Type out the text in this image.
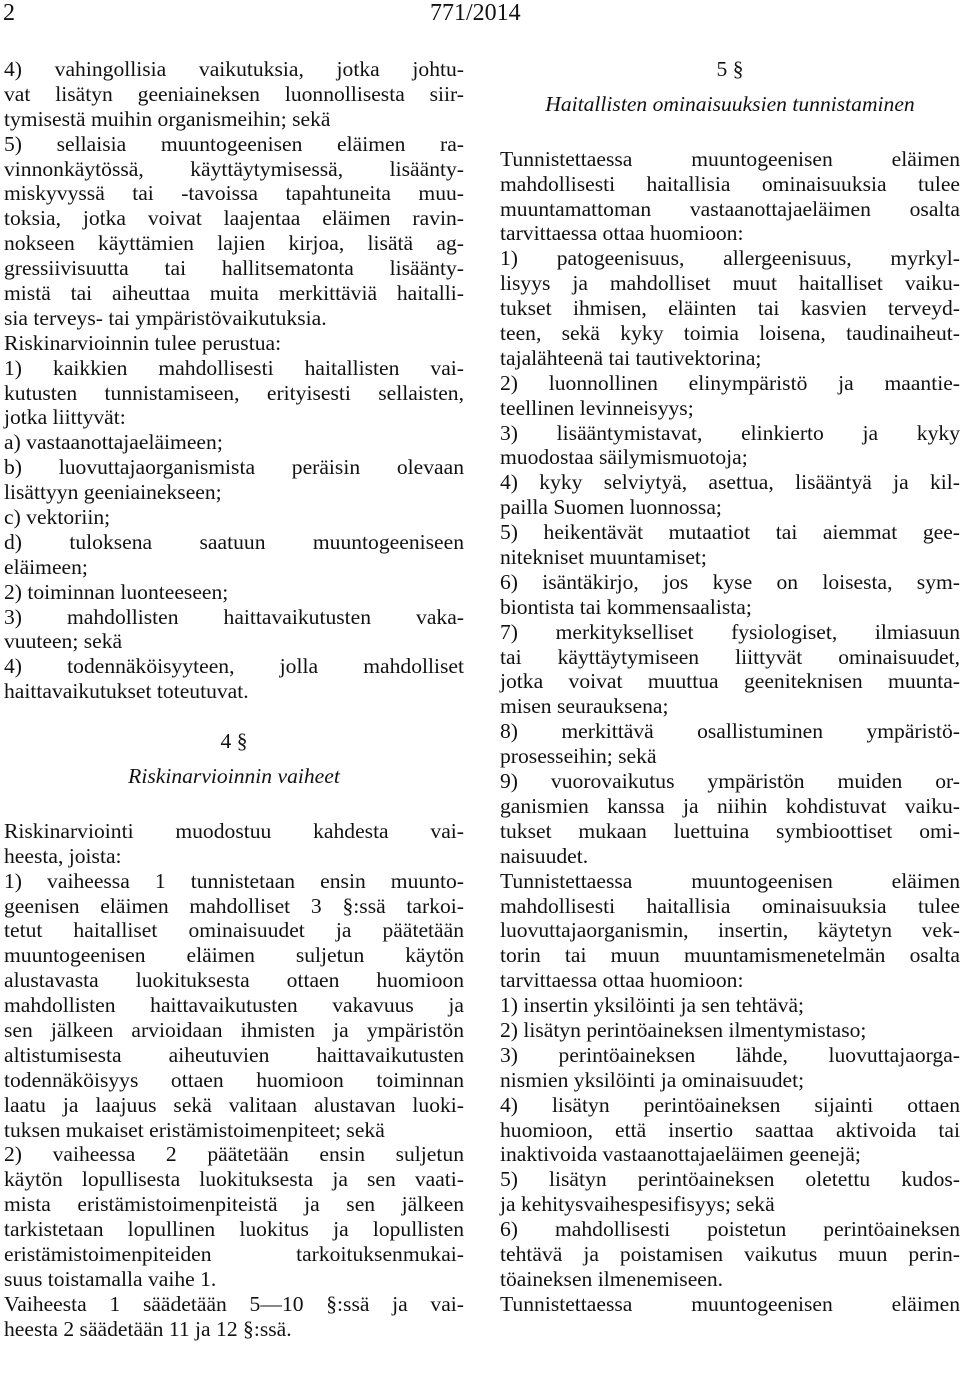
2	771/2014
4) vahingollisia vaikutuksia, jotka johtu-
vat lisätyn geeniaineksen luonnollisesta siir-
tymisestä muihin organismeihin; sekä
5) sellaisia muuntogeenisen eläimen ra-
vinnonkäytössä, käyttäytymisessä, lisäänty-
miskyvyssä tai -tavoissa tapahtuneita muu-
toksia, jotka voivat laajentaa eläimen ravin-
nokseen käyttämien lajien kirjoa, lisätä ag-
gressiivisuutta tai hallitsematonta lisäänty-
mistä tai aiheuttaa muita merkittäviä haitalli-
sia terveys- tai ympäristövaikutuksia.
Riskinarvioinnin tulee perustua:
1) kaikkien mahdollisesti haitallisten vai-
kutusten tunnistamiseen, erityisesti sellaisten,
jotka liittyvät:
a) vastaanottajaeläimeen;
b) luovuttajaorganismista peräisin olevaan
lisättyyn geeniainekseen;
c) vektoriin;
d) tuloksena saatuun muuntogeeniseen
eläimeen;
2) toiminnan luonteeseen;
3) mahdollisten haittavaikutusten vaka-
vuuteen; sekä
4) todennäköisyyteen, jolla mahdolliset
haittavaikutukset toteutuvat.
4 §
Riskinarvioinnin vaiheet
Riskinarviointi muodostuu kahdesta vai-
heesta, joista:
1) vaiheessa 1 tunnistetaan ensin muunto-
geenisen eläimen mahdolliset 3 §:ssä tarkoi-
tetut haitalliset ominaisuudet ja päätetään
muuntogeenisen eläimen suljetun käytön
alustavasta luokituksesta ottaen huomioon
mahdollisten haittavaikutusten vakavuus ja
sen jälkeen arvioidaan ihmisten ja ympäristön
altistumisesta aiheutuvien haittavaikutusten
todennäköisyys ottaen huomioon toiminnan
laatu ja laajuus sekä valitaan alustavan luoki-
tuksen mukaiset eristämistoimenpiteet; sekä
2) vaiheessa 2 päätetään ensin suljetun
käytön lopullisesta luokituksesta ja sen vaati-
mista eristämistoimenpiteistä ja sen jälkeen
tarkistetaan lopullinen luokitus ja lopullisten
eristämistoimenpiteiden tarkoituksenmukai-
suus toistamalla vaihe 1.
Vaiheesta 1 säädetään 5—10 §:ssä ja vai-
heesta 2 säädetään 11 ja 12 §:ssä.
5 §
Haitallisten ominaisuuksien tunnistaminen
Tunnistettaessa muuntogeenisen eläimen
mahdollisesti haitallisia ominaisuuksia tulee
muuntamattoman vastaanottajaeläimen osalta
tarvittaessa ottaa huomioon:
1) patogeenisuus, allergeenisuus, myrkyl-
lisyys ja mahdolliset muut haitalliset vaiku-
tukset ihmisen, eläinten tai kasvien terveyd-
teen, sekä kyky toimia loisena, taudinaiheut-
tajalähteenä tai tautivektorina;
2) luonnollinen elinympäristö ja maantie-
teellinen levinneisyys;
3) lisääntymistavat, elinkierto ja kyky
muodostaa säilymismuotoja;
4) kyky selviytyä, asettua, lisääntyä ja kil-
pailla Suomen luonnossa;
5) heikentävät mutaatiot tai aiemmat gee-
nitekniset muuntamiset;
6) isäntäkirjo, jos kyse on loisesta, sym-
biontista tai kommensaalista;
7) merkitykselliset fysiologiset, ilmiasuun
tai käyttäytymiseen liittyvät ominaisuudet,
jotka voivat muuttua geeniteknisen muunta-
misen seurauksena;
8) merkittävä osallistuminen ympäristö-
prosesseihin; sekä
9) vuorovaikutus ympäristön muiden or-
ganismien kanssa ja niihin kohdistuvat vaiku-
tukset mukaan luettuina symbioottiset omi-
naisuudet.
Tunnistettaessa muuntogeenisen eläimen
mahdollisesti haitallisia ominaisuuksia tulee
luovuttajaorganismin, insertin, käytetyn vek-
torin tai muun muuntamismenetelmän osalta
tarvittaessa ottaa huomioon:
1) insertin yksilöinti ja sen tehtävä;
2) lisätyn perintöaineksen ilmentymistaso;
3) perintöaineksen lähde, luovuttajaorga-
nismien yksilöinti ja ominaisuudet;
4) lisätyn perintöaineksen sijainti ottaen
huomioon, että insertio saattaa aktivoida tai
inaktivoida vastaanottajaeläimen geenejä;
5) lisätyn perintöaineksen oletettu kudos-
ja kehitysvaihespesifisyys; sekä
6) mahdollisesti poistetun perintöaineksen
tehtävä ja poistamisen vaikutus muun perin-
töaineksen ilmenemiseen.
Tunnistettaessa muuntogeenisen eläimen
